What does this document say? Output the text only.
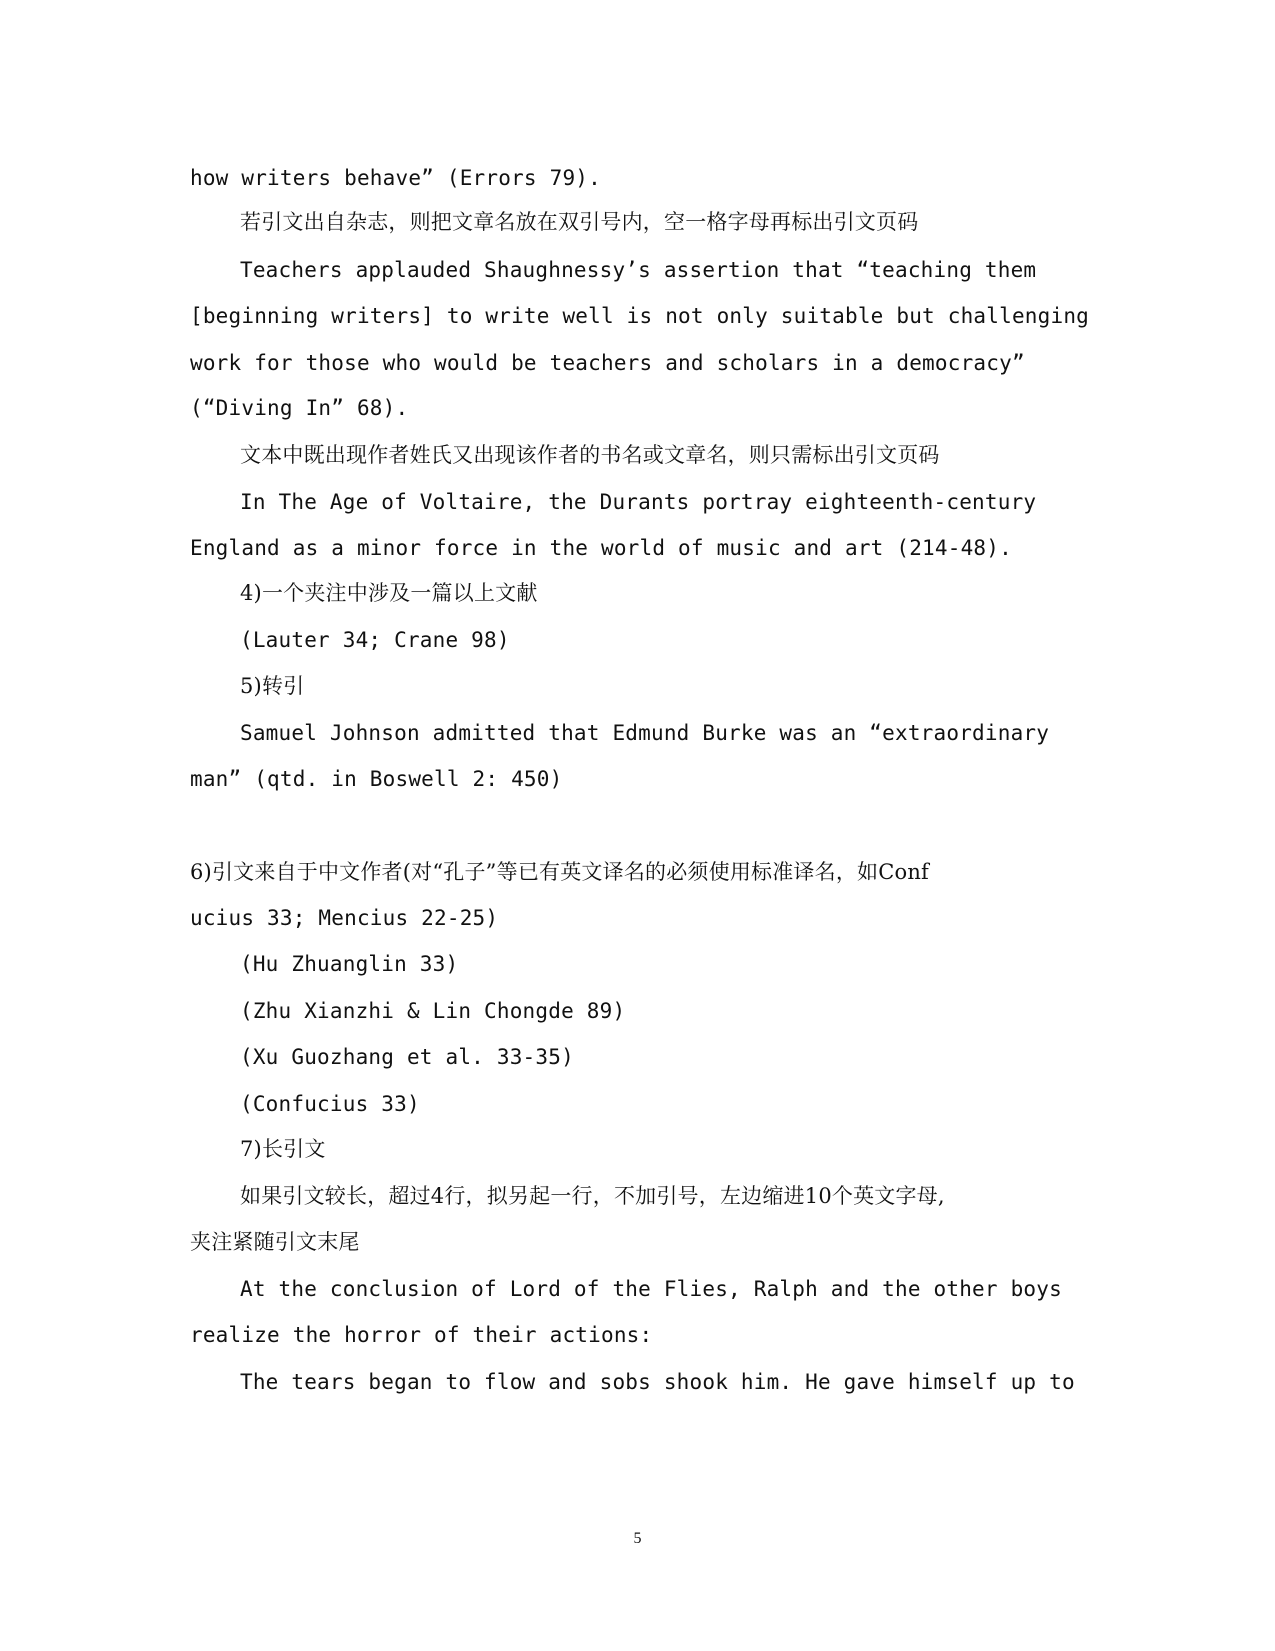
how writers behave” (Errors 79).
若引文出自杂志，则把文章名放在双引号内，空一格字母再标出引文页码
Teachers applauded Shaughnessy’s assertion that “teaching them
[beginning writers] to write well is not only suitable but challenging
work for those who would be teachers and scholars in a democracy”
(“Diving In” 68).
文本中既出现作者姓氏又出现该作者的书名或文章名，则只需标出引文页码
In The Age of Voltaire, the Durants portray eighteenth-century
England as a minor force in the world of music and art (214-48).
4)一个夹注中涉及一篇以上文献
(Lauter 34; Crane 98)
5)转引
Samuel Johnson admitted that Edmund Burke was an “extraordinary
man” (qtd. in Boswell 2: 450)
6)引文来自于中文作者(对“孔子”等已有英文译名的必须使用标准译名，如Conf
ucius 33; Mencius 22-25)
(Hu Zhuanglin 33)
(Zhu Xianzhi & Lin Chongde 89)
(Xu Guozhang et al. 33-35)
(Confucius 33)
7)长引文
如果引文较长，超过4行，拟另起一行，不加引号，左边缩进10个英文字母,
夹注紧随引文末尾
At the conclusion of Lord of the Flies, Ralph and the other boys
realize the horror of their actions:
The tears began to flow and sobs shook him. He gave himself up to
5
